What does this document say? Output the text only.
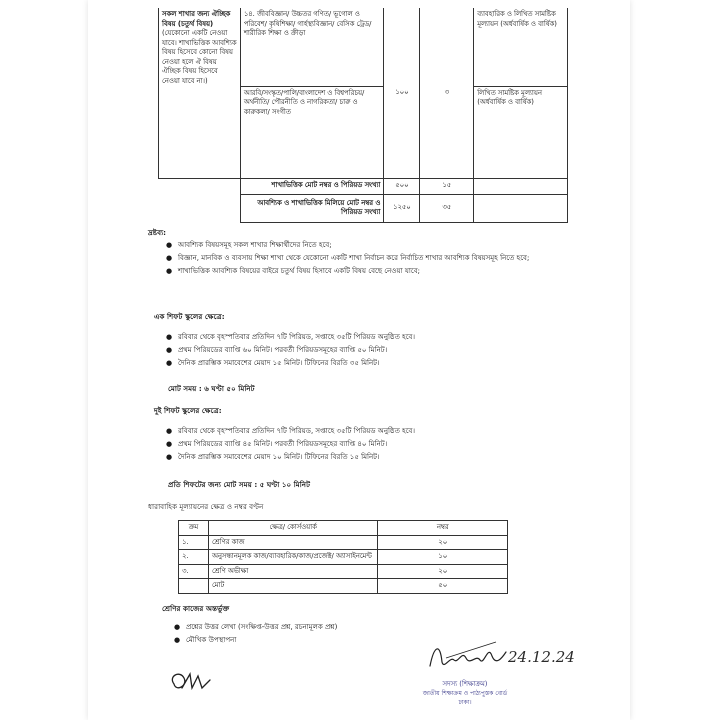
সকল শাখার জন্য ঐচ্ছিক বিষয় (চতুর্থ বিষয়)
(যেকোনো একটি নেওয়া যাবে। শাখাভিত্তিক আবশ্যিক বিষয় হিসেবে কোনো বিষয় নেওয়া হলে ঐ বিষয় ঐচ্ছিক বিষয় হিসেবে নেওয়া যাবে না।)	১৪. জীববিজ্ঞান/ উচ্চতর গণিত/ ভূগোল ও পরিবেশ/ কৃষিশিক্ষা/ গার্হস্থ্যবিজ্ঞান/ বেসিক ট্রেড/ শারীরিক শিক্ষা ও ক্রীড়া	১০০	৩	ব্যাবহারিক ও লিখিত সামষ্টিক মূল্যায়ন (অর্ধবার্ষিক ও বার্ষিক)
	আরবি/সংস্কৃত/পালি/বাংলাদেশ ও বিশ্বপরিচয়/অর্থনীতি/ পৌরনীতি ও নাগরিকতা/ চারু ও কারুকলা/ সংগীত			লিখিত সামষ্টিক মূল্যায়ন (অর্ধবার্ষিক ও বার্ষিক)
	শাখাভিত্তিক মোট নম্বর ও পিরিয়ড সংখ্যা	৫০০	১৫	
	আবশ্যিক ও শাখাভিত্তিক মিলিয়ে মোট নম্বর ও পিরিয়ড সংখ্যা	১২৫০	৩৫	
দ্রষ্টব্য:
● আবশ্যিক বিষয়সমূহ সকল শাখার শিক্ষার্থীদের নিতে হবে;
● বিজ্ঞান, মানবিক ও ব্যবসায় শিক্ষা শাখা থেকে যেকোনো একটি শাখা নির্বাচন করে নির্বাচিত শাখার আবশ্যিক বিষয়সমূহ নিতে হবে;
● শাখাভিত্তিক আবশ্যিক বিষয়ের বাইরে চতুর্থ বিষয় হিসাবে একটি বিষয় বেছে নেওয়া যাবে;
এক শিফট স্কুলের ক্ষেত্রে:
● রবিবার থেকে বৃহস্পতিবার প্রতিদিন ৭টি পিরিয়ড, সপ্তাহে ৩৫টি পিরিয়ড অনুষ্ঠিত হবে।
● প্রথম পিরিয়ডের ব্যাপ্তি ৬০ মিনিট। পরবর্তী পিরিয়ডসমূহের ব্যাপ্তি ৫০ মিনিট।
● দৈনিক প্রারম্ভিক সমাবেশের মেয়াদ ১৫ মিনিট। টিফিনের বিরতি ৩৫ মিনিট।
মোট সময় : ৬ ঘণ্টা ৫০ মিনিট
দুই শিফট স্কুলের ক্ষেত্রে:
● রবিবার থেকে বৃহস্পতিবার প্রতিদিন ৭টি পিরিয়ড, সপ্তাহে ৩৫টি পিরিয়ড অনুষ্ঠিত হবে।
● প্রথম পিরিয়ডের ব্যাপ্তি ৪৫ মিনিট। পরবর্তী পিরিয়ডসমূহের ব্যাপ্তি ৪০ মিনিট।
● দৈনিক প্রারম্ভিক সমাবেশের মেয়াদ ১০ মিনিট। টিফিনের বিরতি ১৫ মিনিট।
প্রতি শিফটের জন্য মোট সময় : ৫ ঘণ্টা ১০ মিনিট
ধারাবাহিক মূল্যায়নের ক্ষেত্র ও নম্বর বণ্টন
ক্রম	ক্ষেত্র/ কোর্সওয়ার্ক	নম্বর
১.	শ্রেণির কাজ	২০
২.	অনুসন্ধানমূলক কাজ/ব্যাবহারিক/কাজ/প্রজেক্ট/ অ্যাসাইনমেন্ট	১০
৩.	শ্রেণি অভীক্ষা	২০
	মোট	৫০
শ্রেণির কাজের অন্তর্ভুক্ত
● প্রশ্নের উত্তর লেখা (সংক্ষিপ্ত-উত্তর প্রশ্ন, রচনামূলক প্রশ্ন)
● মৌখিক উপস্থাপনা
24.12.24
সদস্য (শিক্ষাক্রম)
জাতীয় শিক্ষাক্রম ও পাঠ্যপুস্তক বোর্ড
ঢাকা।
